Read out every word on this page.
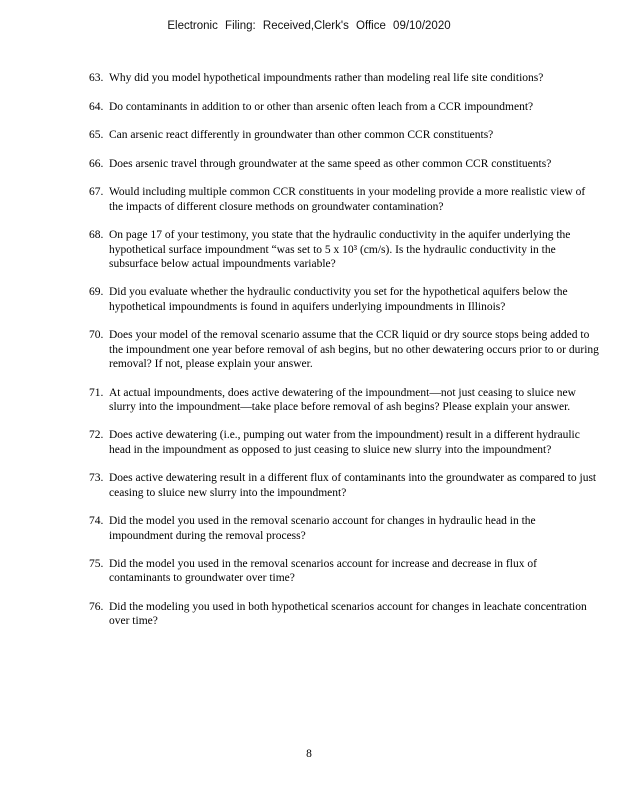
Electronic Filing: Received,Clerk's Office 09/10/2020
63. Why did you model hypothetical impoundments rather than modeling real life site conditions?
64. Do contaminants in addition to or other than arsenic often leach from a CCR impoundment?
65. Can arsenic react differently in groundwater than other common CCR constituents?
66. Does arsenic travel through groundwater at the same speed as other common CCR constituents?
67. Would including multiple common CCR constituents in your modeling provide a more realistic view of the impacts of different closure methods on groundwater contamination?
68. On page 17 of your testimony, you state that the hydraulic conductivity in the aquifer underlying the hypothetical surface impoundment “was set to 5 x 10³ (cm/s). Is the hydraulic conductivity in the subsurface below actual impoundments variable?
69. Did you evaluate whether the hydraulic conductivity you set for the hypothetical aquifers below the hypothetical impoundments is found in aquifers underlying impoundments in Illinois?
70. Does your model of the removal scenario assume that the CCR liquid or dry source stops being added to the impoundment one year before removal of ash begins, but no other dewatering occurs prior to or during removal? If not, please explain your answer.
71. At actual impoundments, does active dewatering of the impoundment—not just ceasing to sluice new slurry into the impoundment—take place before removal of ash begins? Please explain your answer.
72. Does active dewatering (i.e., pumping out water from the impoundment) result in a different hydraulic head in the impoundment as opposed to just ceasing to sluice new slurry into the impoundment?
73. Does active dewatering result in a different flux of contaminants into the groundwater as compared to just ceasing to sluice new slurry into the impoundment?
74. Did the model you used in the removal scenario account for changes in hydraulic head in the impoundment during the removal process?
75. Did the model you used in the removal scenarios account for increase and decrease in flux of contaminants to groundwater over time?
76. Did the modeling you used in both hypothetical scenarios account for changes in leachate concentration over time?
8
